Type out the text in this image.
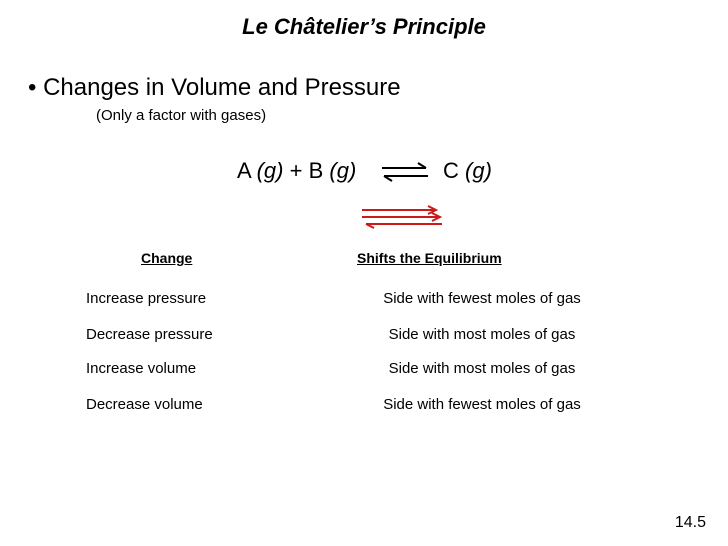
Le Châtelier’s Principle
• Changes in Volume and Pressure
(Only a factor with gases)
A (g) + B (g) ⇌ C (g)
Change	Shifts the Equilibrium
Increase pressure	Side with fewest moles of gas
Decrease pressure	Side with most moles of gas
Increase volume	Side with most moles of gas
Decrease volume	Side with fewest moles of gas
14.5
